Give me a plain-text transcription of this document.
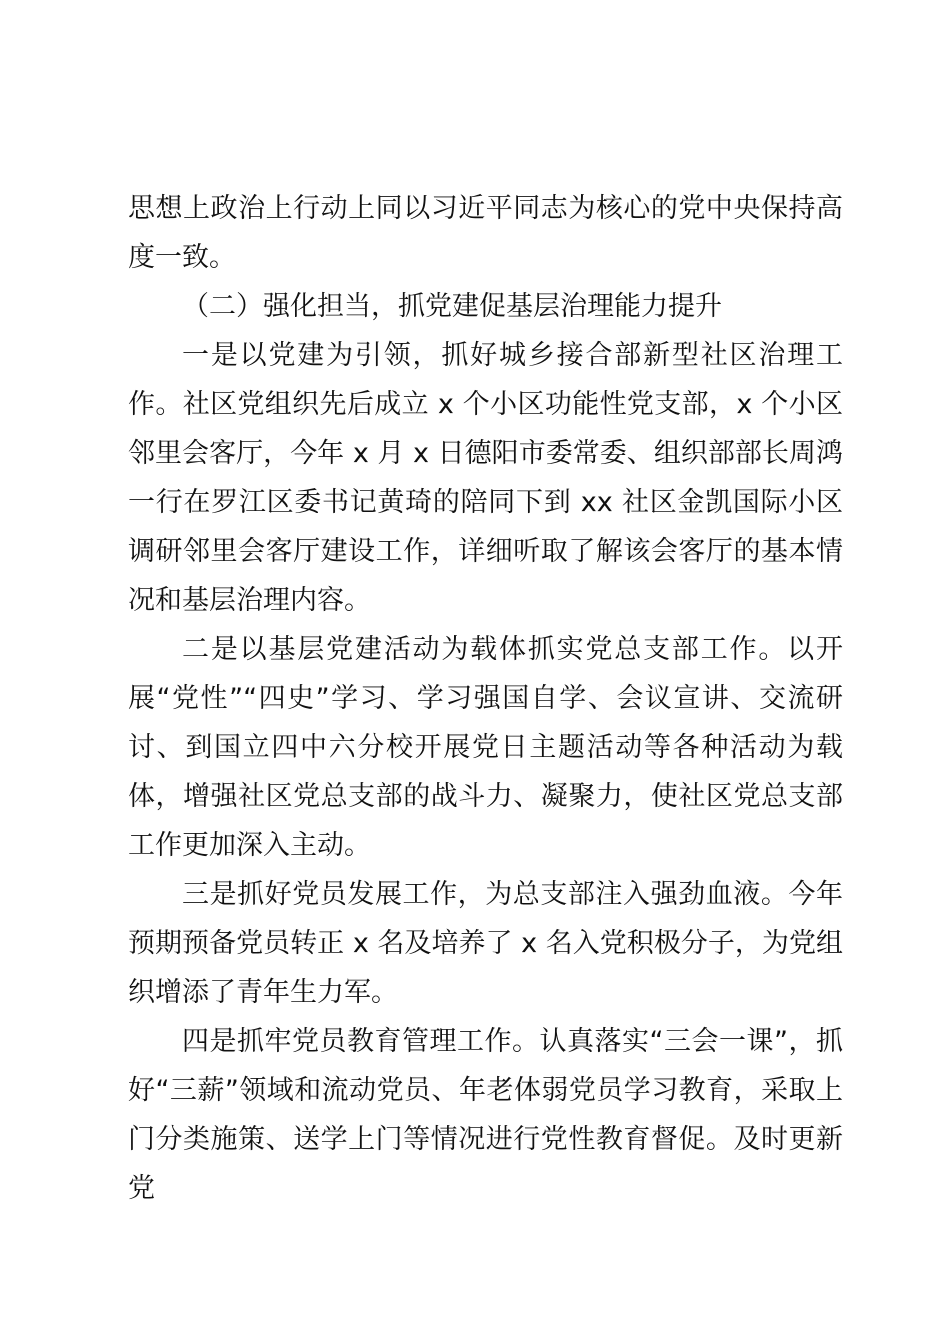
思想上政治上行动上同以习近平同志为核心的党中央保持高度一致。

（二）强化担当，抓党建促基层治理能力提升

一是以党建为引领，抓好城乡接合部新型社区治理工作。社区党组织先后成立 x 个小区功能性党支部，x 个小区邻里会客厅，今年 x 月 x 日德阳市委常委、组织部部长周鸿一行在罗江区委书记黄琦的陪同下到 xx 社区金凯国际小区调研邻里会客厅建设工作，详细听取了解该会客厅的基本情况和基层治理内容。

二是以基层党建活动为载体抓实党总支部工作。以开展“党性”“四史”学习、学习强国自学、会议宣讲、交流研讨、到国立四中六分校开展党日主题活动等各种活动为载体，增强社区党总支部的战斗力、凝聚力，使社区党总支部工作更加深入主动。

三是抓好党员发展工作，为总支部注入强劲血液。今年预期预备党员转正 x 名及培养了 x 名入党积极分子，为党组织增添了青年生力军。

四是抓牢党员教育管理工作。认真落实“三会一课”，抓好“三薪”领域和流动党员、年老体弱党员学习教育，采取上门分类施策、送学上门等情况进行党性教育督促。及时更新党
